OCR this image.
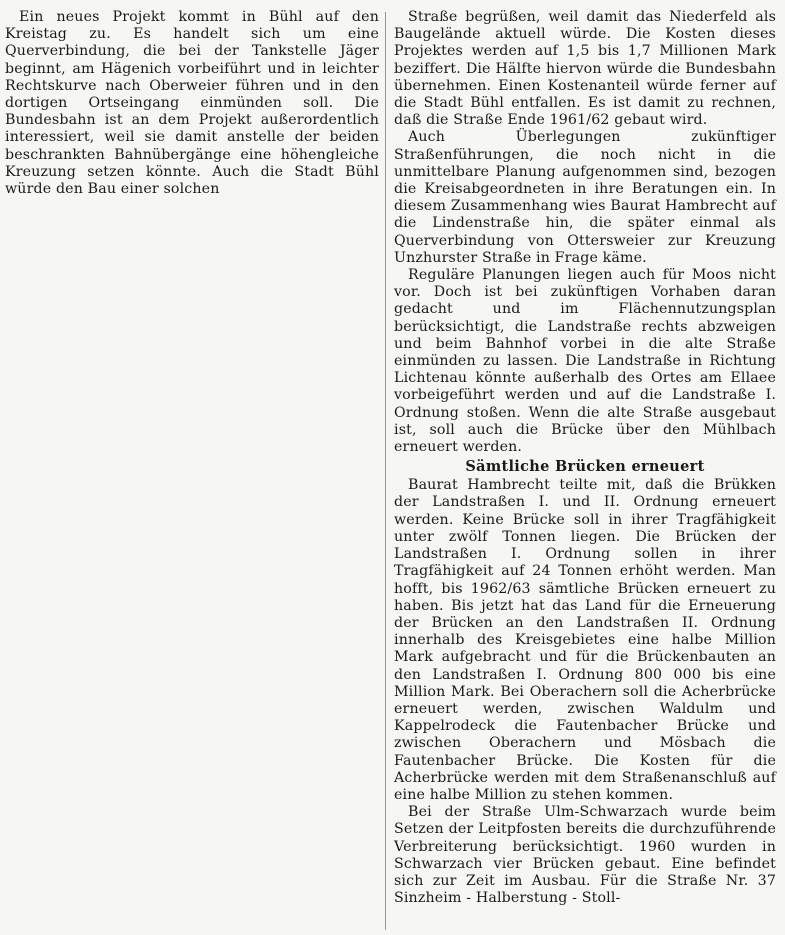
Ein neues Projekt kommt in Bühl auf den Kreistag zu. Es handelt sich um eine Querverbindung, die bei der Tankstelle Jäger beginnt, am Hägenich vorbeiführt und in leichter Rechtskurve nach Oberweier führen und in den dortigen Ortseingang einmünden soll. Die Bundesbahn ist an dem Projekt außerordentlich interessiert, weil sie damit anstelle der beiden beschrankten Bahnübergänge eine höhengleiche Kreuzung setzen könnte. Auch die Stadt Bühl würde den Bau einer solchen

Straße begrüßen, weil damit das Niederfeld als Baugelände aktuell würde. Die Kosten dieses Projektes werden auf 1,5 bis 1,7 Millionen Mark beziffert. Die Hälfte hiervon würde die Bundesbahn übernehmen. Einen Kostenanteil würde ferner auf die Stadt Bühl entfallen. Es ist damit zu rechnen, daß die Straße Ende 1961/62 gebaut wird.

Auch Überlegungen zukünftiger Straßenführungen, die noch nicht in die unmittelbare Planung aufgenommen sind, bezogen die Kreisabgeordneten in ihre Beratungen ein. In diesem Zusammenhang wies Baurat Hambrecht auf die Lindenstraße hin, die später einmal als Querverbindung von Ottersweier zur Kreuzung Unzhurster Straße in Frage käme.

Reguläre Planungen liegen auch für Moos nicht vor. Doch ist bei zukünftigen Vorhaben daran gedacht und im Flächennutzungsplan berücksichtigt, die Landstraße rechts abzweigen und beim Bahnhof vorbei in die alte Straße einmünden zu lassen. Die Landstraße in Richtung Lichtenau könnte außerhalb des Ortes am Ellaee vorbeigeführt werden und auf die Landstraße I. Ordnung stoßen. Wenn die alte Straße ausgebaut ist, soll auch die Brücke über den Mühlbach erneuert werden.

Sämtliche Brücken erneuert

Baurat Hambrecht teilte mit, daß die Brükken der Landstraßen I. und II. Ordnung erneuert werden. Keine Brücke soll in ihrer Tragfähigkeit unter zwölf Tonnen liegen. Die Brücken der Landstraßen I. Ordnung sollen in ihrer Tragfähigkeit auf 24 Tonnen erhöht werden. Man hofft, bis 1962/63 sämtliche Brücken erneuert zu haben. Bis jetzt hat das Land für die Erneuerung der Brücken an den Landstraßen II. Ordnung innerhalb des Kreisgebietes eine halbe Million Mark aufgebracht und für die Brückenbauten an den Landstraßen I. Ordnung 800 000 bis eine Million Mark. Bei Oberachern soll die Acherbrücke erneuert werden, zwischen Waldulm und Kappelrodeck die Fautenbacher Brücke und zwischen Oberachern und Mösbach die Fautenbacher Brücke. Die Kosten für die Acherbrücke werden mit dem Straßenanschluß auf eine halbe Million zu stehen kommen.

Bei der Straße Ulm-Schwarzach wurde beim Setzen der Leitpfosten bereits die durchzuführende Verbreiterung berücksichtigt. 1960 wurden in Schwarzach vier Brücken gebaut. Eine befindet sich zur Zeit im Ausbau. Für die Straße Nr. 37 Sinzheim - Halberstung - Stoll-
